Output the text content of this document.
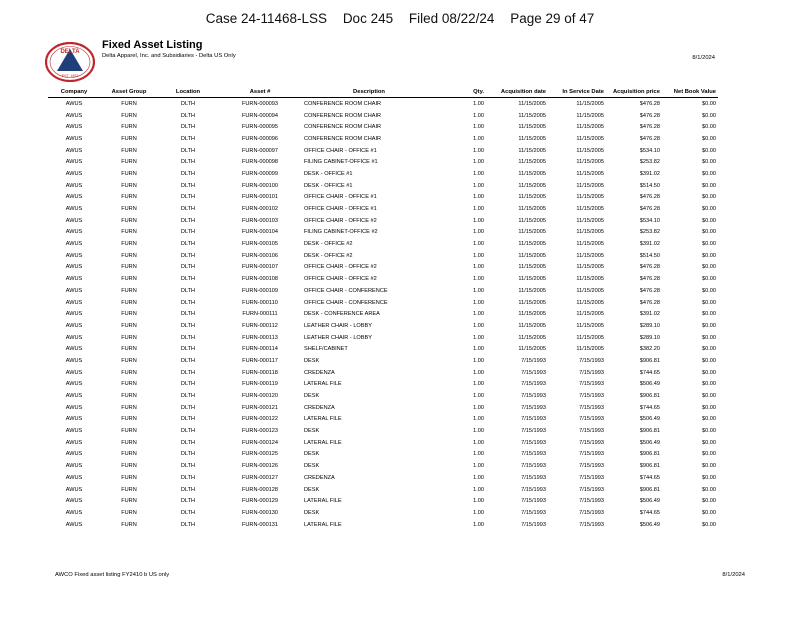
Case 24-11468-LSS Doc 245 Filed 08/22/24 Page 29 of 47
DELTA
EST. 1903
Fixed Asset Listing
Delta Apparel, Inc. and Subsidiaries - Delta US Only	8/1/2024
Company	Asset Group	Location	Asset #	Description	Qty.	Acquisition date	In Service Date	Acquisition price	Net Book Value
AWUS	FURN	DLTH	FURN-000093	CONFERENCE ROOM CHAIR	1.00	11/15/2005	11/15/2005	$476.28	$0.00
AWUS	FURN	DLTH	FURN-000094	CONFERENCE ROOM CHAIR	1.00	11/15/2005	11/15/2005	$476.28	$0.00
AWUS	FURN	DLTH	FURN-000095	CONFERENCE ROOM CHAIR	1.00	11/15/2005	11/15/2005	$476.28	$0.00
AWUS	FURN	DLTH	FURN-000096	CONFERENCE ROOM CHAIR	1.00	11/15/2005	11/15/2005	$476.28	$0.00
AWUS	FURN	DLTH	FURN-000097	OFFICE CHAIR - OFFICE #1	1.00	11/15/2005	11/15/2005	$534.10	$0.00
AWUS	FURN	DLTH	FURN-000098	FILING CABINET-OFFICE #1	1.00	11/15/2005	11/15/2005	$253.82	$0.00
AWUS	FURN	DLTH	FURN-000099	DESK - OFFICE #1	1.00	11/15/2005	11/15/2005	$391.02	$0.00
AWUS	FURN	DLTH	FURN-000100	DESK - OFFICE #1	1.00	11/15/2005	11/15/2005	$514.50	$0.00
AWUS	FURN	DLTH	FURN-000101	OFFICE CHAIR - OFFICE #1	1.00	11/15/2005	11/15/2005	$476.28	$0.00
AWUS	FURN	DLTH	FURN-000102	OFFICE CHAIR - OFFICE #1	1.00	11/15/2005	11/15/2005	$476.28	$0.00
AWUS	FURN	DLTH	FURN-000103	OFFICE CHAIR - OFFICE #2	1.00	11/15/2005	11/15/2005	$534.10	$0.00
AWUS	FURN	DLTH	FURN-000104	FILING CABINET-OFFICE #2	1.00	11/15/2005	11/15/2005	$253.82	$0.00
AWUS	FURN	DLTH	FURN-000105	DESK - OFFICE #2	1.00	11/15/2005	11/15/2005	$391.02	$0.00
AWUS	FURN	DLTH	FURN-000106	DESK - OFFICE #2	1.00	11/15/2005	11/15/2005	$514.50	$0.00
AWUS	FURN	DLTH	FURN-000107	OFFICE CHAIR - OFFICE #2	1.00	11/15/2005	11/15/2005	$476.28	$0.00
AWUS	FURN	DLTH	FURN-000108	OFFICE CHAIR - OFFICE #2	1.00	11/15/2005	11/15/2005	$476.28	$0.00
AWUS	FURN	DLTH	FURN-000109	OFFICE CHAIR - CONFERENCE	1.00	11/15/2005	11/15/2005	$476.28	$0.00
AWUS	FURN	DLTH	FURN-000110	OFFICE CHAIR - CONFERENCE	1.00	11/15/2005	11/15/2005	$476.28	$0.00
AWUS	FURN	DLTH	FURN-000111	DESK - CONFERENCE AREA	1.00	11/15/2005	11/15/2005	$391.02	$0.00
AWUS	FURN	DLTH	FURN-000112	LEATHER CHAIR - LOBBY	1.00	11/15/2005	11/15/2005	$289.10	$0.00
AWUS	FURN	DLTH	FURN-000113	LEATHER CHAIR - LOBBY	1.00	11/15/2005	11/15/2005	$289.10	$0.00
AWUS	FURN	DLTH	FURN-000114	SHELF/CABINET	1.00	11/15/2005	11/15/2005	$382.20	$0.00
AWUS	FURN	DLTH	FURN-000117	DESK	1.00	7/15/1993	7/15/1993	$906.81	$0.00
AWUS	FURN	DLTH	FURN-000118	CREDENZA	1.00	7/15/1993	7/15/1993	$744.65	$0.00
AWUS	FURN	DLTH	FURN-000119	LATERAL FILE	1.00	7/15/1993	7/15/1993	$506.49	$0.00
AWUS	FURN	DLTH	FURN-000120	DESK	1.00	7/15/1993	7/15/1993	$906.81	$0.00
AWUS	FURN	DLTH	FURN-000121	CREDENZA	1.00	7/15/1993	7/15/1993	$744.65	$0.00
AWUS	FURN	DLTH	FURN-000122	LATERAL FILE	1.00	7/15/1993	7/15/1993	$506.49	$0.00
AWUS	FURN	DLTH	FURN-000123	DESK	1.00	7/15/1993	7/15/1993	$906.81	$0.00
AWUS	FURN	DLTH	FURN-000124	LATERAL FILE	1.00	7/15/1993	7/15/1993	$506.49	$0.00
AWUS	FURN	DLTH	FURN-000125	DESK	1.00	7/15/1993	7/15/1993	$906.81	$0.00
AWUS	FURN	DLTH	FURN-000126	DESK	1.00	7/15/1993	7/15/1993	$906.81	$0.00
AWUS	FURN	DLTH	FURN-000127	CREDENZA	1.00	7/15/1993	7/15/1993	$744.65	$0.00
AWUS	FURN	DLTH	FURN-000128	DESK	1.00	7/15/1993	7/15/1993	$906.81	$0.00
AWUS	FURN	DLTH	FURN-000129	LATERAL FILE	1.00	7/15/1993	7/15/1993	$506.49	$0.00
AWUS	FURN	DLTH	FURN-000130	DESK	1.00	7/15/1993	7/15/1993	$744.65	$0.00
AWUS	FURN	DLTH	FURN-000131	LATERAL FILE	1.00	7/15/1993	7/15/1993	$506.49	$0.00
AWCO Fixed asset listing FY2410 b US only	8/1/2024
